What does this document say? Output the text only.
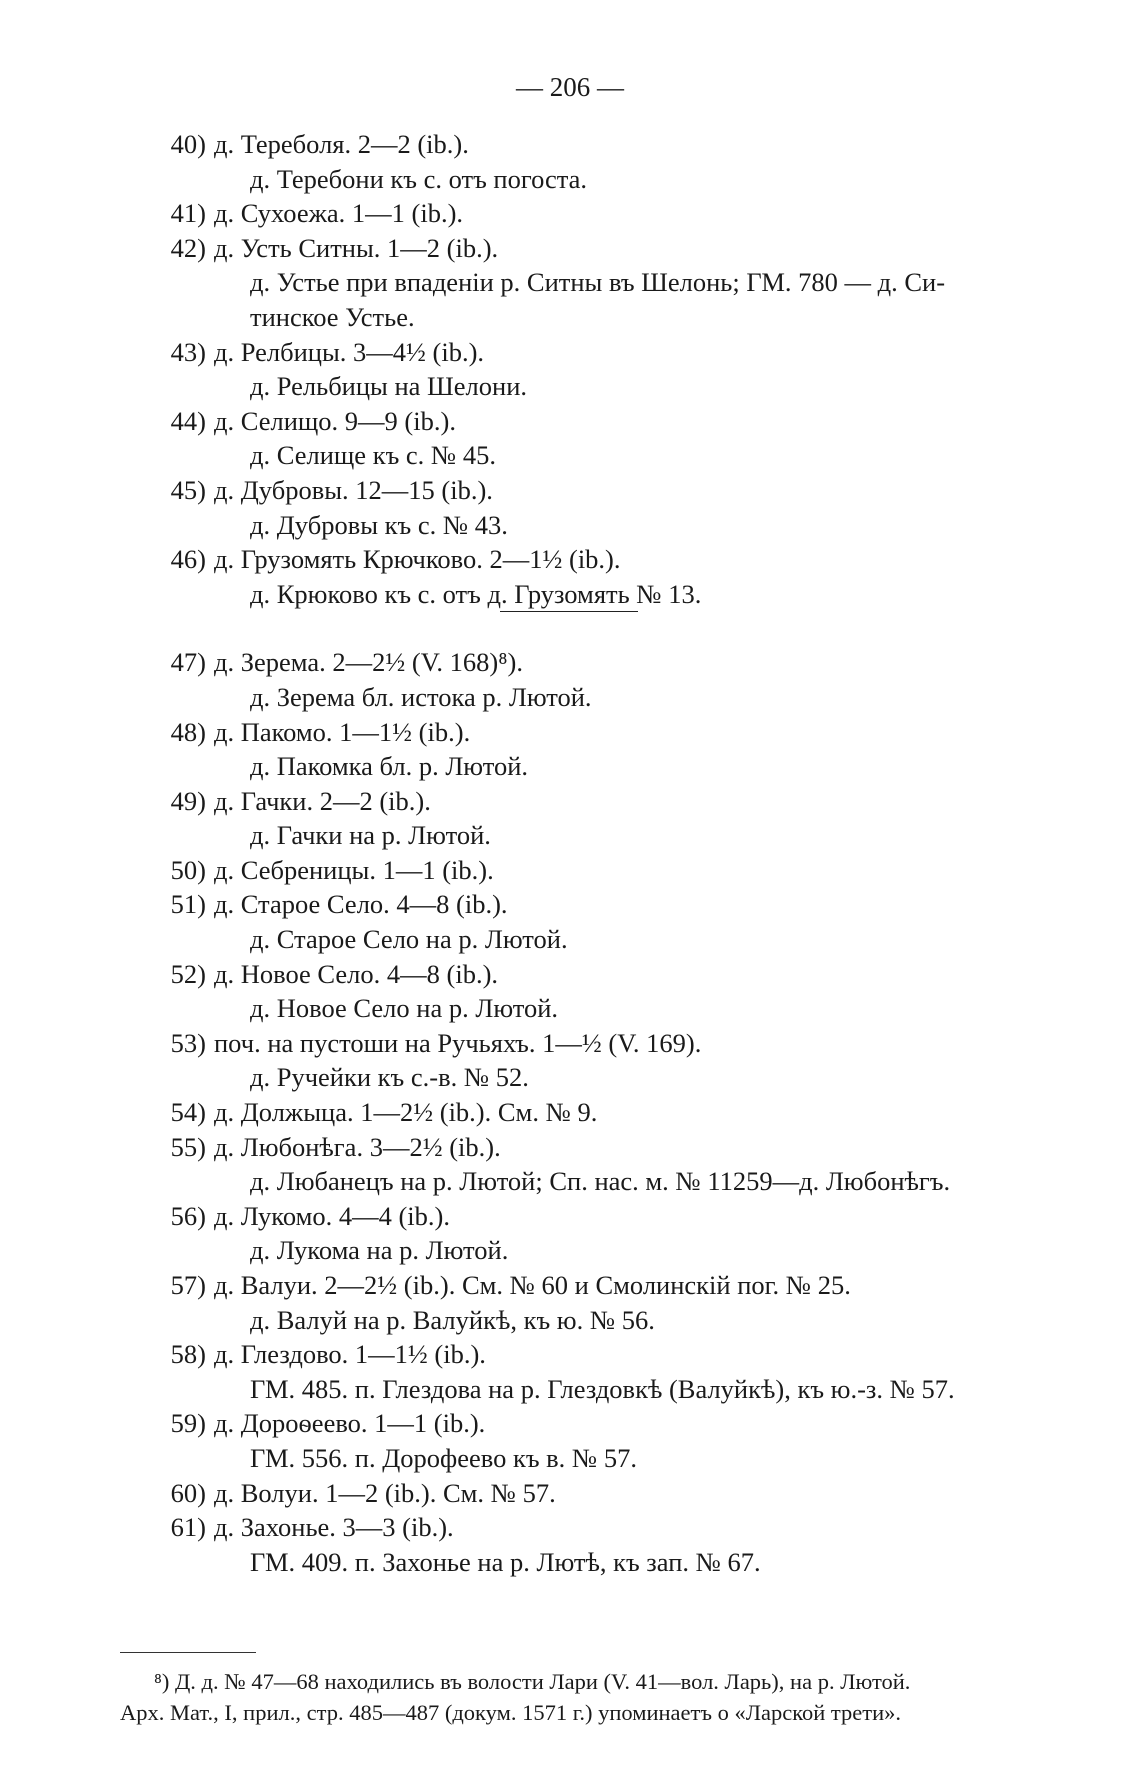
— 206 —
40) д. Тереболя. 2—2 (ib.).
д. Теребони къ с. отъ погоста.
41) д. Сухоежа. 1—1 (ib.).
42) д. Усть Ситны. 1—2 (ib.).
д. Устье при впаденіи р. Ситны въ Шелонь; ГМ. 780 — д. Си-
тинское Устье.
43) д. Релбицы. 3—4½ (ib.).
д. Рельбицы на Шелони.
44) д. Селищо. 9—9 (ib.).
д. Селище къ с. № 45.
45) д. Дубровы. 12—15 (ib.).
д. Дубровы къ с. № 43.
46) д. Грузомять Крючково. 2—1½ (ib.).
д. Крюково къ с. отъ д. Грузомять № 13.
47) д. Зерема. 2—2½ (V. 168)⁸).
д. Зерема бл. истока р. Лютой.
48) д. Пакомо. 1—1½ (ib.).
д. Пакомка бл. р. Лютой.
49) д. Гачки. 2—2 (ib.).
д. Гачки на р. Лютой.
50) д. Себреницы. 1—1 (ib.).
51) д. Старое Село. 4—8 (ib.).
д. Старое Село на р. Лютой.
52) д. Новое Село. 4—8 (ib.).
д. Новое Село на р. Лютой.
53) поч. на пустоши на Ручьяхъ. 1—½ (V. 169).
д. Ручейки къ с.-в. № 52.
54) д. Должыца. 1—2½ (ib.). См. № 9.
55) д. Любонѣга. 3—2½ (ib.).
д. Любанецъ на р. Лютой; Сп. нас. м. № 11259—д. Любонѣгъ.
56) д. Лукомо. 4—4 (ib.).
д. Лукома на р. Лютой.
57) д. Валуи. 2—2½ (ib.). См. № 60 и Смолинскій пог. № 25.
д. Валуй на р. Валуйкѣ, къ ю. № 56.
58) д. Глездово. 1—1½ (ib.).
ГМ. 485. п. Глездова на р. Глездовкѣ (Валуйкѣ), къ ю.-з. № 57.
59) д. Дороѳеево. 1—1 (ib.).
ГМ. 556. п. Дорофеево къ в. № 57.
60) д. Волуи. 1—2 (ib.). См. № 57.
61) д. Захонье. 3—3 (ib.).
ГМ. 409. п. Захонье на р. Лютѣ, къ зап. № 67.
⁸) Д. д. № 47—68 находились въ волости Лари (V. 41—вол. Ларь), на р. Лютой.
Арх. Мат., I, прил., стр. 485—487 (докум. 1571 г.) упоминаетъ о «Ларской трети».
